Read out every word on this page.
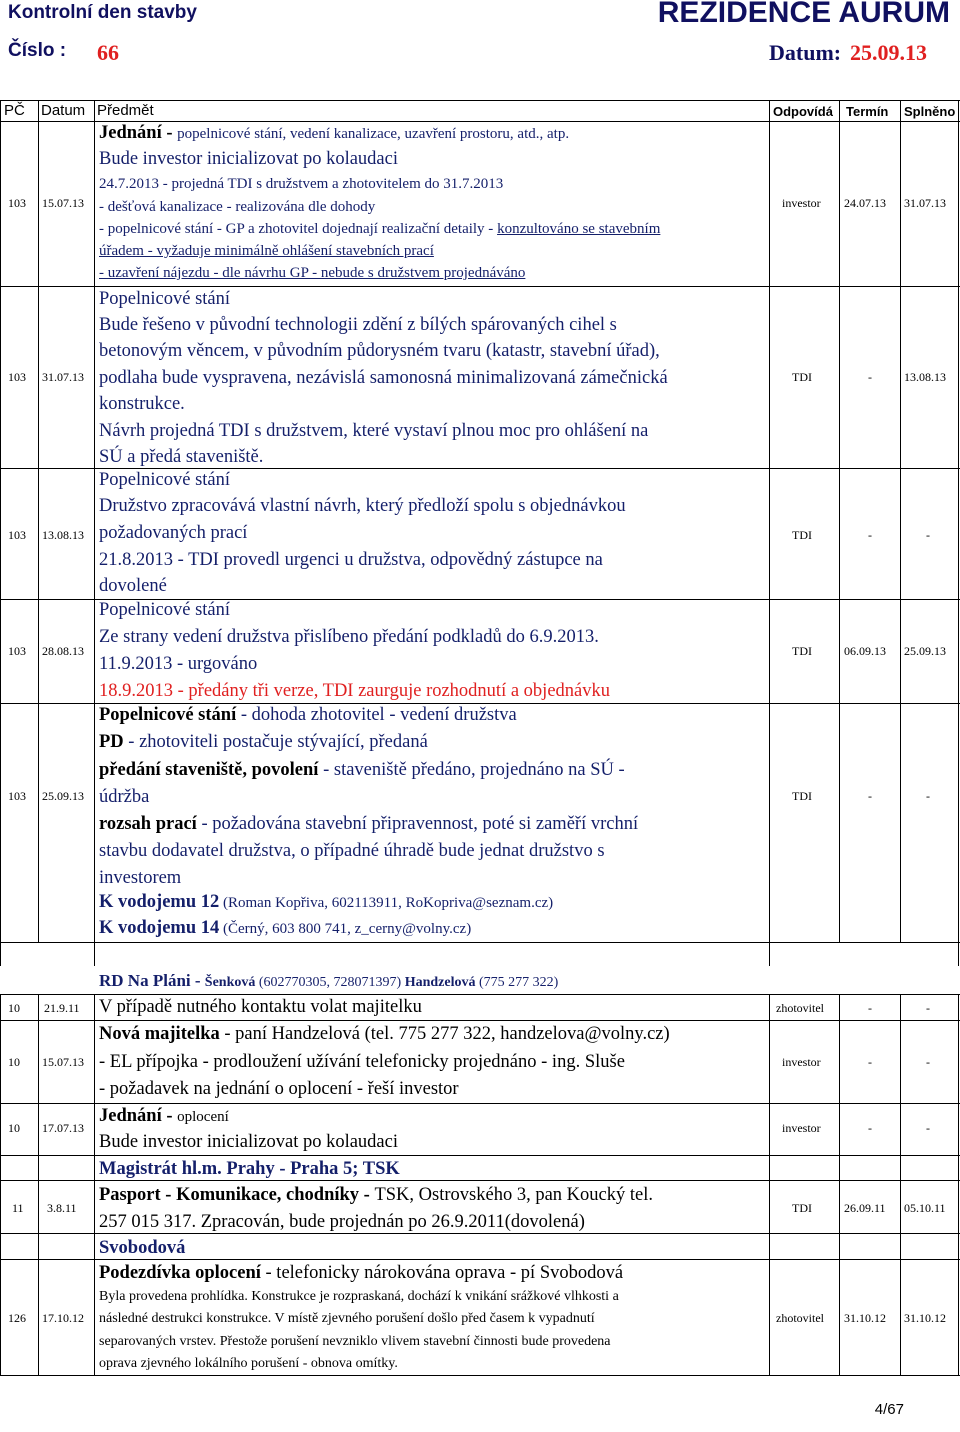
Kontrolní den stavby	REZIDENCE AURUM
Číslo : 66	Datum: 25.09.13
PČ Datum Předmět	Odpovídá Termín Splněno
103 15.07.13
Jednání - popelnicové stání, vedení kanalizace, uzavření prostoru, atd., atp.
Bude investor inicializovat po kolaudaci
24.7.2013 - projedná TDI s družstvem a zhotovitelem do 31.7.2013
- dešťová kanalizace - realizována dle dohody
- popelnicové stání - GP a zhotovitel dojednají realizační detaily - konzultováno se stavebním
úřadem - vyžaduje minimálně ohlášení stavebních prací
- uzavření nájezdu - dle návrhu GP - nebude s družstvem projednáváno
investor 24.07.13 31.07.13
103 31.07.13
Popelnicové stání
Bude řešeno v původní technologii zdění z bílých spárovaných cihel s
betonovým věncem, v původním půdorysném tvaru (katastr, stavební úřad),
podlaha bude vyspravena, nezávislá samonosná minimalizovaná zámečnická
konstrukce.
Návrh projedná TDI s družstvem, které vystaví plnou moc pro ohlášení na
SÚ a předá staveniště.
TDI	-	13.08.13
103 13.08.13
Popelnicové stání
Družstvo zpracovává vlastní návrh, který předloží spolu s objednávkou
požadovaných prací
21.8.2013 - TDI provedl urgenci u družstva, odpovědný zástupce na
dovolené
TDI	-	-
103 28.08.13
Popelnicové stání
Ze strany vedení družstva přislíbeno předání podkladů do 6.9.2013.
11.9.2013 - urgováno
18.9.2013 - předány tři verze, TDI zaurguje rozhodnutí a objednávku
TDI	06.09.13 25.09.13
103 25.09.13
Popelnicové stání - dohoda zhotovitel - vedení družstva
PD - zhotoviteli postačuje stývající, předaná
předání staveniště, povolení - staveniště předáno, projednáno na SÚ -
údržba
rozsah prací - požadována stavební připravennost, poté si zaměří vrchní
stavbu dodavatel družstva, o případné úhradě bude jednat družstvo s
investorem
K vodojemu 12 (Roman Kopřiva, 602113911, RoKopriva@seznam.cz)
K vodojemu 14 (Černý, 603 800 741, z_cerny@volny.cz)
TDI	-	-
RD Na Pláni - Šenková (602770305, 728071397) Handzelová (775 277 322)
10 21.9.11 V případě nutného kontaktu volat majitelku	zhotovitel	-	-
10 15.07.13
Nová majitelka - paní Handzelová (tel. 775 277 322, handzelova@volny.cz)
- EL přípojka - prodloužení užívání telefonicky projednáno - ing. Sluše
- požadavek na jednání o oplocení - řeší investor
investor	-	-
10 17.07.13
Jednání - oplocení
Bude investor inicializovat po kolaudaci
investor	-	-
Magistrát hl.m. Prahy - Praha 5; TSK
11 3.8.11
Pasport - Komunikace, chodníky - TSK, Ostrovského 3, pan Koucký tel.
257 015 317. Zpracován, bude projednán po 26.9.2011(dovolená)
TDI	26.09.11 05.10.11
Svobodová
126 17.10.12
Podezdívka oplocení - telefonicky nárokována oprava - pí Svobodová
Byla provedena prohlídka. Konstrukce je rozpraskaná, dochází k vnikání srážkové vlhkosti a
následné destrukci konstrukce. V místě zjevného porušení došlo před časem k vypadnutí
separovaných vrstev. Přestože porušení nevzniklo vlivem stavební činnosti bude provedena
oprava zjevného lokálního porušení - obnova omítky.
zhotovitel 31.10.12 31.10.12
4/67
